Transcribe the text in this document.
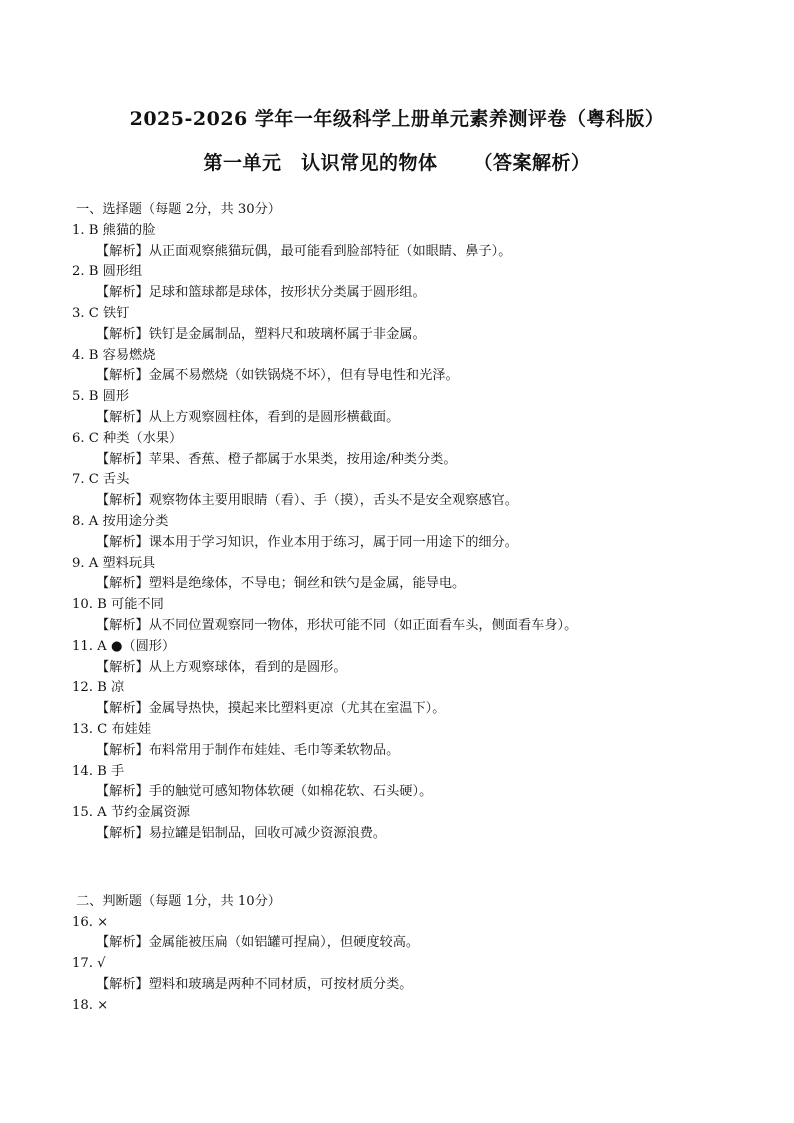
2025-2026 学年一年级科学上册单元素养测评卷（粤科版）
第一单元　认识常见的物体 （答案解析）
一、选择题（每题 2分，共 30分）
1. B 熊猫的脸
【解析】从正面观察熊猫玩偶，最可能看到脸部特征（如眼睛、鼻子）。
2. B 圆形组
【解析】足球和篮球都是球体，按形状分类属于圆形组。
3. C 铁钉
【解析】铁钉是金属制品，塑料尺和玻璃杯属于非金属。
4. B 容易燃烧
【解析】金属不易燃烧（如铁锅烧不坏），但有导电性和光泽。
5. B 圆形
【解析】从上方观察圆柱体，看到的是圆形横截面。
6. C 种类（水果）
【解析】苹果、香蕉、橙子都属于水果类，按用途/种类分类。
7. C 舌头
【解析】观察物体主要用眼睛（看）、手（摸），舌头不是安全观察感官。
8. A 按用途分类
【解析】课本用于学习知识，作业本用于练习，属于同一用途下的细分。
9. A 塑料玩具
【解析】塑料是绝缘体，不导电；铜丝和铁勺是金属，能导电。
10. B 可能不同
【解析】从不同位置观察同一物体，形状可能不同（如正面看车头，侧面看车身）。
11. A ●（圆形）
【解析】从上方观察球体，看到的是圆形。
12. B 凉
【解析】金属导热快，摸起来比塑料更凉（尤其在室温下）。
13. C 布娃娃
【解析】布料常用于制作布娃娃、毛巾等柔软物品。
14. B 手
【解析】手的触觉可感知物体软硬（如棉花软、石头硬）。
15. A 节约金属资源
【解析】易拉罐是铝制品，回收可减少资源浪费。
二、判断题（每题 1分，共 10分）
16. ×
【解析】金属能被压扁（如铝罐可捏扁），但硬度较高。
17. √
【解析】塑料和玻璃是两种不同材质，可按材质分类。
18. ×
